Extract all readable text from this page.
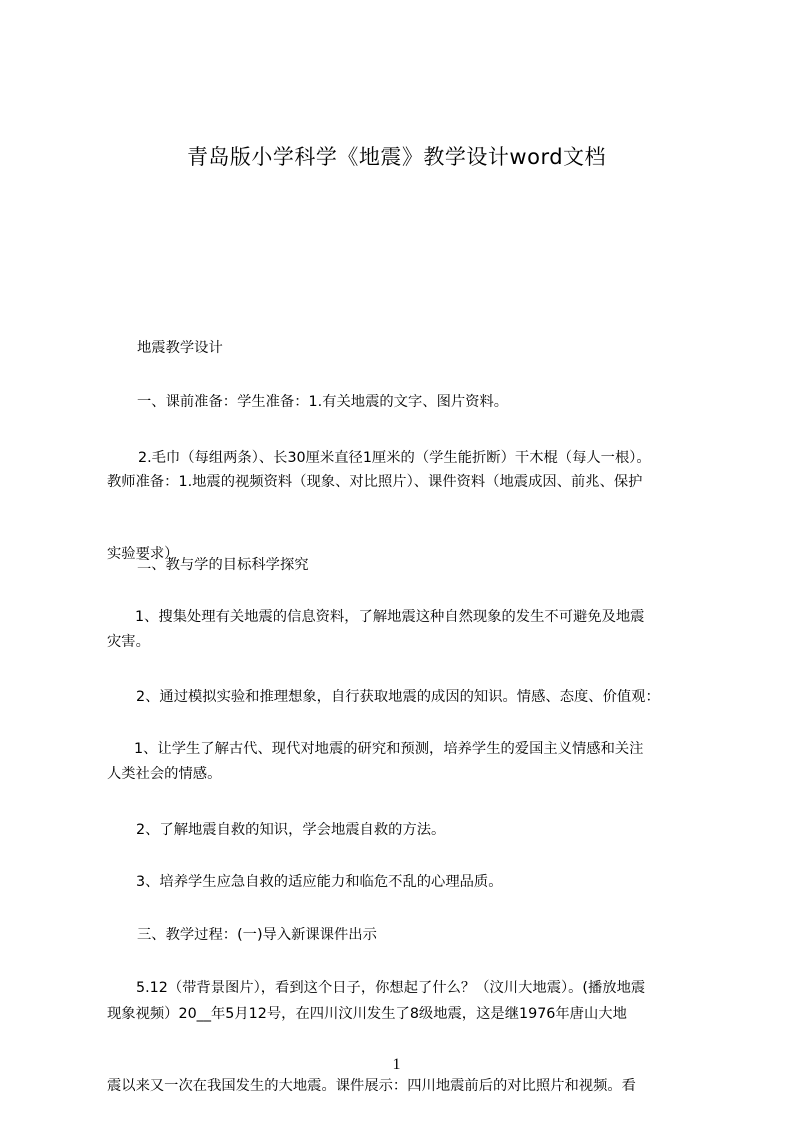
青岛版小学科学《地震》教学设计word文档

地震教学设计

一、课前准备：学生准备：1.有关地震的文字、图片资料。

2.毛巾（每组两条）、长30厘米直径1厘米的（学生能折断）干木棍（每人一根）。

教师准备：1.地震的视频资料（现象、对比照片）、课件资料（地震成因、前兆、保护

实验要求）

二、教与学的目标科学探究

1、搜集处理有关地震的信息资料，了解地震这种自然现象的发生不可避免及地震

灾害。

2、通过模拟实验和推理想象，自行获取地震的成因的知识。情感、态度、价值观：

1、让学生了解古代、现代对地震的研究和预测，培养学生的爱国主义情感和关注

人类社会的情感。

2、了解地震自救的知识，学会地震自救的方法。

3、培养学生应急自救的适应能力和临危不乱的心理品质。

三、教学过程：(一)导入新课课件出示

5.12（带背景图片），看到这个日子，你想起了什么？（汶川大地震）。(播放地震

现象视频）20__年5月12号，在四川汶川发生了8级地震，这是继1976年唐山大地

震以来又一次在我国发生的大地震。课件展示：四川地震前后的对比照片和视频。看

1
